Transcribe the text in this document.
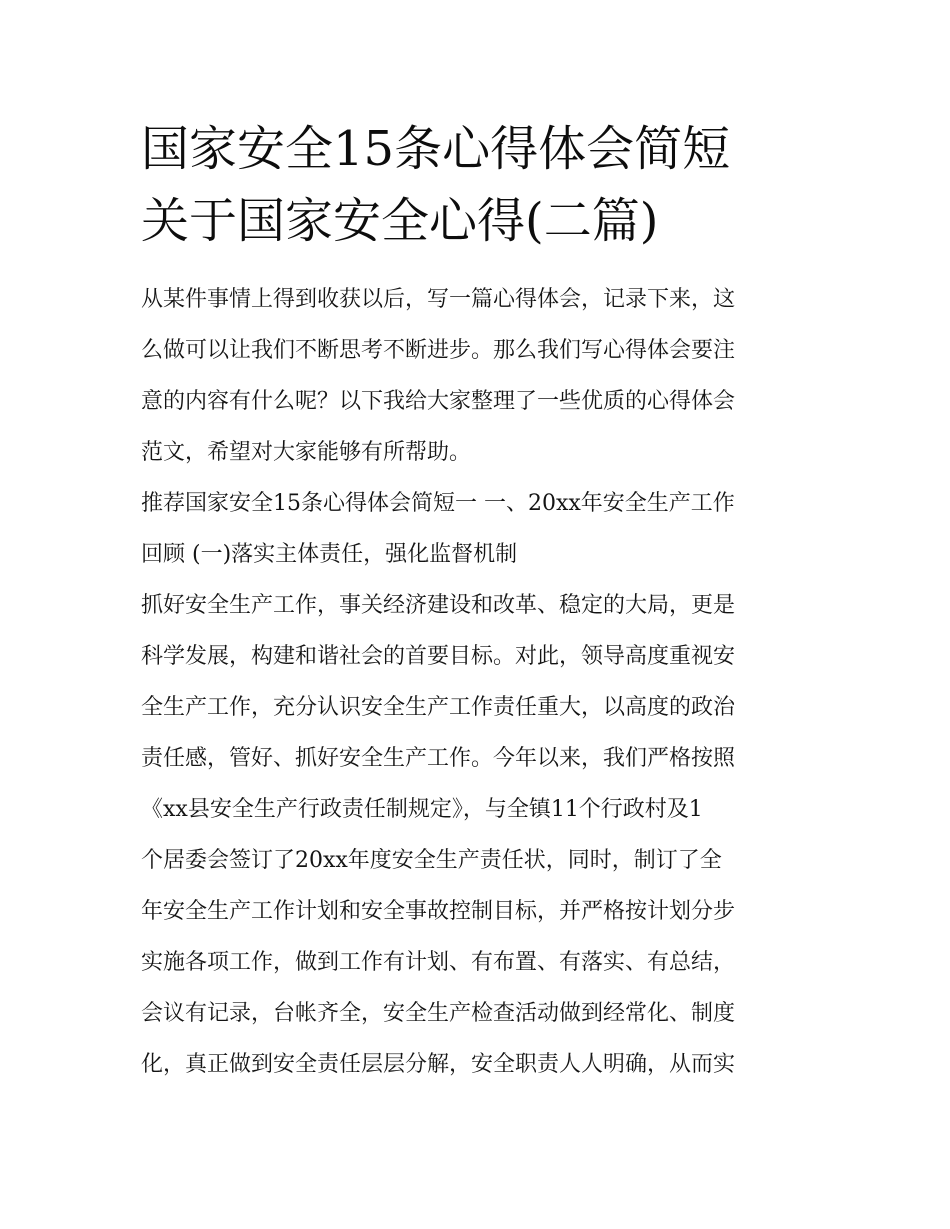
国家安全15条心得体会简短
关于国家安全心得(二篇)
从某件事情上得到收获以后，写一篇心得体会，记录下来，这
么做可以让我们不断思考不断进步。那么我们写心得体会要注
意的内容有什么呢？以下我给大家整理了一些优质的心得体会
范文，希望对大家能够有所帮助。
推荐国家安全15条心得体会简短一 一、20xx年安全生产工作
回顾 (一)落实主体责任，强化监督机制
抓好安全生产工作，事关经济建设和改革、稳定的大局，更是
科学发展，构建和谐社会的首要目标。对此，领导高度重视安
全生产工作，充分认识安全生产工作责任重大，以高度的政治
责任感，管好、抓好安全生产工作。今年以来，我们严格按照
《xx县安全生产行政责任制规定》，与全镇11个行政村及1
个居委会签订了20xx年度安全生产责任状，同时，制订了全
年安全生产工作计划和安全事故控制目标，并严格按计划分步
实施各项工作，做到工作有计划、有布置、有落实、有总结，
会议有记录，台帐齐全，安全生产检查活动做到经常化、制度
化，真正做到安全责任层层分解，安全职责人人明确，从而实
